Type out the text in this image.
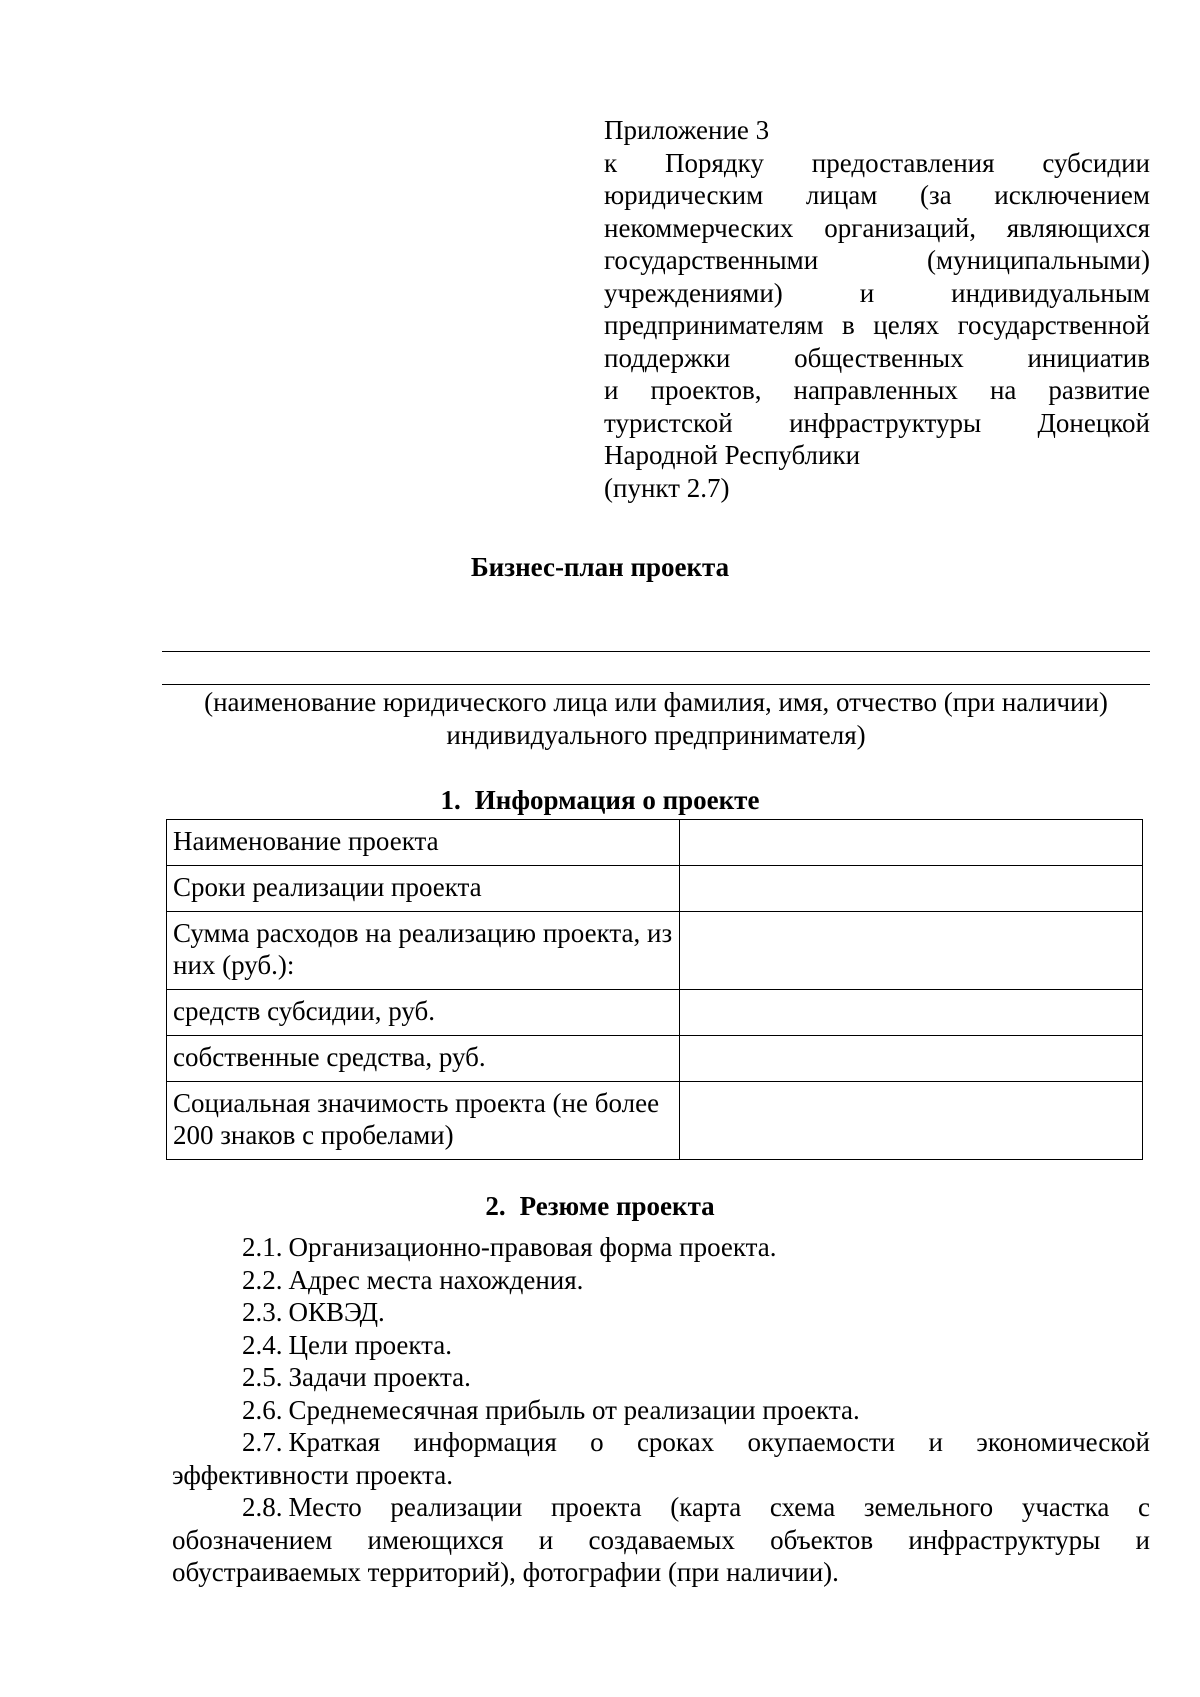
Приложение 3
к Порядку предоставления субсидии
юридическим лицам (за исключением
некоммерческих организаций, являющихся
государственными (муниципальными)
учреждениями) и индивидуальным
предпринимателям в целях государственной
поддержки общественных инициатив
и проектов, направленных на развитие
туристской инфраструктуры Донецкой
Народной Республики
(пункт 2.7)
Бизнес-план проекта
(наименование юридического лица или фамилия, имя, отчество (при наличии)
индивидуального предпринимателя)
1. Информация о проекте
Наименование проекта	
Сроки реализации проекта	
Сумма расходов на реализацию проекта, из них (руб.):	
средств субсидии, руб.	
собственные средства, руб.	
Социальная значимость проекта (не более 200 знаков с пробелами)	
2. Резюме проекта
2.1. Организационно-правовая форма проекта.
2.2. Адрес места нахождения.
2.3. ОКВЭД.
2.4. Цели проекта.
2.5. Задачи проекта.
2.6. Среднемесячная прибыль от реализации проекта.
2.7. Краткая информация о сроках окупаемости и экономической эффективности проекта.
2.8. Место реализации проекта (карта схема земельного участка с обозначением имеющихся и создаваемых объектов инфраструктуры и обустраиваемых территорий), фотографии (при наличии).
